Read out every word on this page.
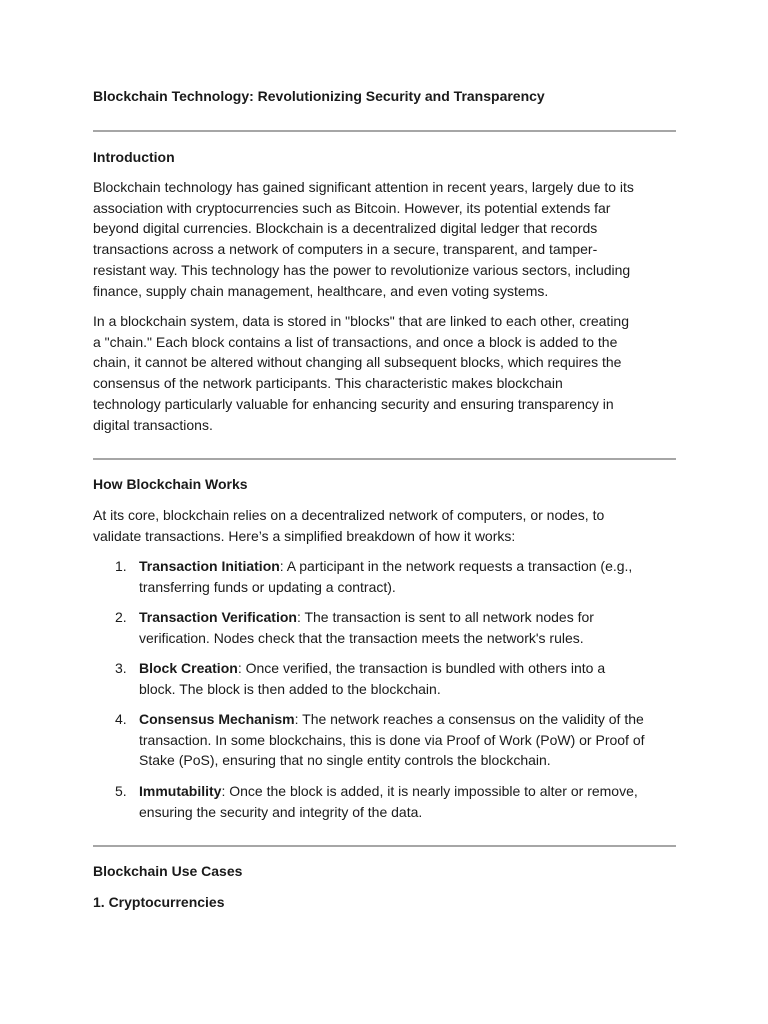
Blockchain Technology: Revolutionizing Security and Transparency
Introduction

Blockchain technology has gained significant attention in recent years, largely due to its
association with cryptocurrencies such as Bitcoin. However, its potential extends far
beyond digital currencies. Blockchain is a decentralized digital ledger that records
transactions across a network of computers in a secure, transparent, and tamper-
resistant way. This technology has the power to revolutionize various sectors, including
finance, supply chain management, healthcare, and even voting systems.

In a blockchain system, data is stored in "blocks" that are linked to each other, creating
a "chain." Each block contains a list of transactions, and once a block is added to the
chain, it cannot be altered without changing all subsequent blocks, which requires the
consensus of the network participants. This characteristic makes blockchain
technology particularly valuable for enhancing security and ensuring transparency in
digital transactions.

How Blockchain Works

At its core, blockchain relies on a decentralized network of computers, or nodes, to
validate transactions. Here’s a simplified breakdown of how it works:

1. Transaction Initiation: A participant in the network requests a transaction (e.g.,
transferring funds or updating a contract).
2. Transaction Verification: The transaction is sent to all network nodes for
verification. Nodes check that the transaction meets the network's rules.
3. Block Creation: Once verified, the transaction is bundled with others into a
block. The block is then added to the blockchain.
4. Consensus Mechanism: The network reaches a consensus on the validity of the
transaction. In some blockchains, this is done via Proof of Work (PoW) or Proof of
Stake (PoS), ensuring that no single entity controls the blockchain.
5. Immutability: Once the block is added, it is nearly impossible to alter or remove,
ensuring the security and integrity of the data.
Blockchain Use Cases
1. Cryptocurrencies
